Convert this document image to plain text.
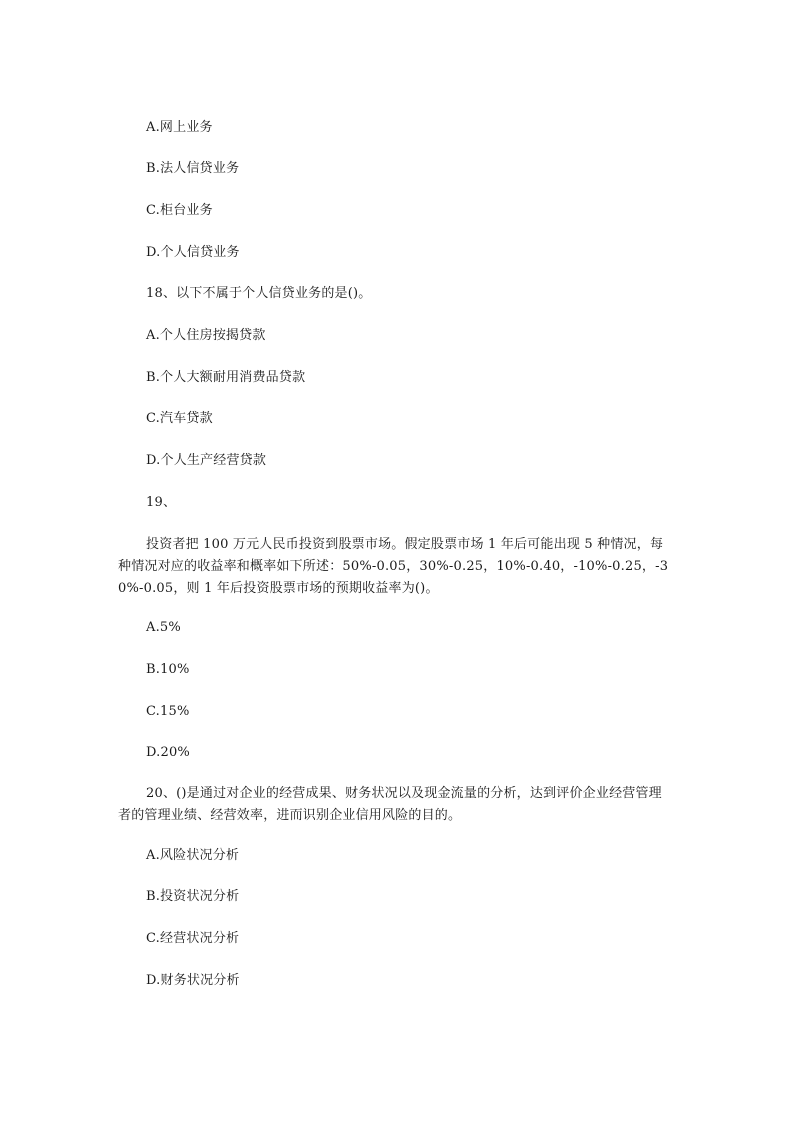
A.网上业务
B.法人信贷业务
C.柜台业务
D.个人信贷业务
18、以下不属于个人信贷业务的是()。
A.个人住房按揭贷款
B.个人大额耐用消费品贷款
C.汽车贷款
D.个人生产经营贷款
19、
投资者把 100 万元人民币投资到股票市场。假定股票市场 1 年后可能出现 5 种情况，每种情况对应的收益率和概率如下所述：50%-0.05，30%-0.25，10%-0.40，-10%-0.25，-30%-0.05，则 1 年后投资股票市场的预期收益率为()。
A.5%
B.10%
C.15%
D.20%
20、()是通过对企业的经营成果、财务状况以及现金流量的分析，达到评价企业经营管理者的管理业绩、经营效率，进而识别企业信用风险的目的。
A.风险状况分析
B.投资状况分析
C.经营状况分析
D.财务状况分析
